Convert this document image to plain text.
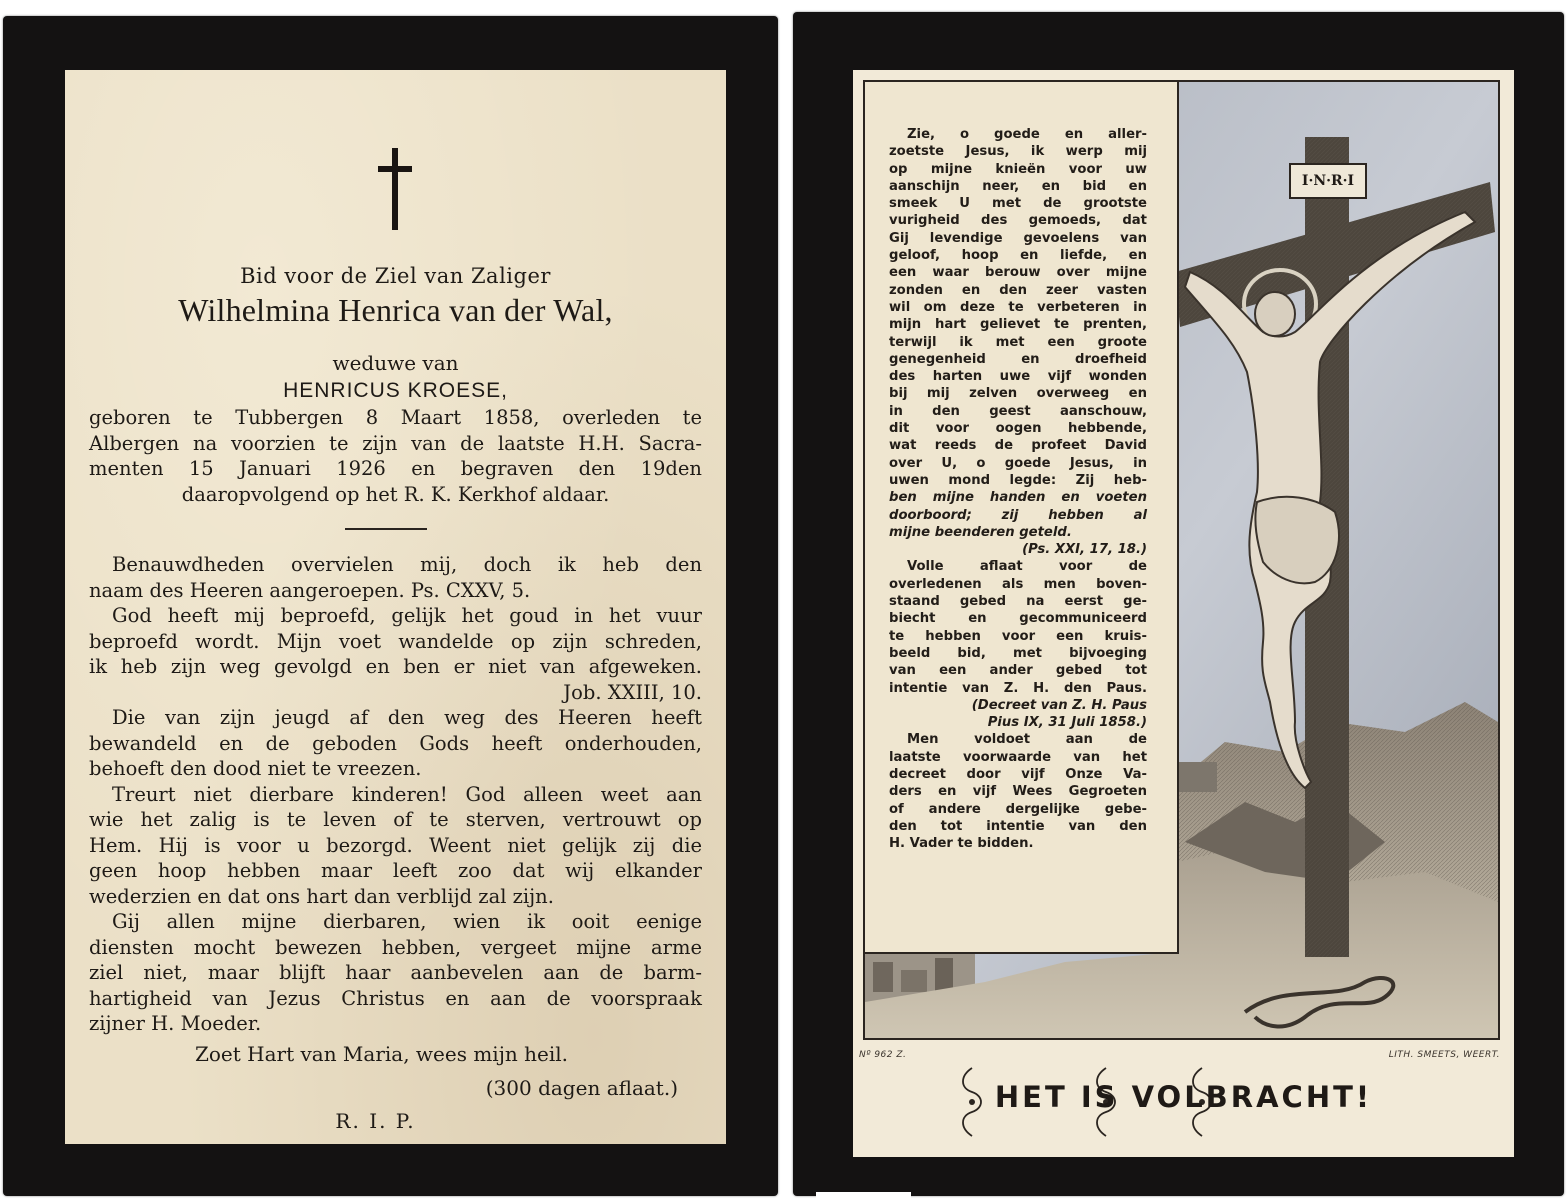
Bid voor de Ziel van Zaliger
Wilhelmina Henrica van der Wal,
weduwe van
HENRICUS KROESE,
geboren te Tubbergen 8 Maart 1858, overleden te
Albergen na voorzien te zijn van de laatste H.H. Sacra-
menten 15 Januari 1926 en begraven den 19den
daaropvolgend op het R. K. Kerkhof aldaar.
Benauwdheden overvielen mij, doch ik heb den
naam des Heeren aangeroepen. Ps. CXXV, 5.
God heeft mij beproefd, gelijk het goud in het vuur
beproefd wordt. Mijn voet wandelde op zijn schreden,
ik heb zijn weg gevolgd en ben er niet van afgeweken.
Job. XXIII, 10.
Die van zijn jeugd af den weg des Heeren heeft
bewandeld en de geboden Gods heeft onderhouden,
behoeft den dood niet te vreezen.
Treurt niet dierbare kinderen! God alleen weet aan
wie het zalig is te leven of te sterven, vertrouwt op
Hem. Hij is voor u bezorgd. Weent niet gelijk zij die
geen hoop hebben maar leeft zoo dat wij elkander
wederzien en dat ons hart dan verblijd zal zijn.
Gij allen mijne dierbaren, wien ik ooit eenige
diensten mocht bewezen hebben, vergeet mijne arme
ziel niet, maar blijft haar aanbevelen aan de barm-
hartigheid van Jezus Christus en aan de voorspraak
zijner H. Moeder.
Zoet Hart van Maria, wees mijn heil.
(300 dagen aflaat.)
R. I. P.
I·N·R·I
Zie, o goede en aller-
zoetste Jesus, ik werp mij
op mijne knieën voor uw
aanschijn neer, en bid en
smeek U met de grootste
vurigheid des gemoeds, dat
Gij levendige gevoelens van
geloof, hoop en liefde, en
een waar berouw over mijne
zonden en den zeer vasten
wil om deze te verbeteren in
mijn hart gelievet te prenten,
terwijl ik met een groote
genegenheid en droefheid
des harten uwe vijf wonden
bij mij zelven overweeg en
in den geest aanschouw,
dit voor oogen hebbende,
wat reeds de profeet David
over U, o goede Jesus, in
uwen mond legde: Zij heb-
ben mijne handen en voeten
doorboord; zij hebben al
mijne beenderen geteld.
(Ps. XXI, 17, 18.)
Volle aflaat voor de
overledenen als men boven-
staand gebed na eerst ge-
biecht en gecommuniceerd
te hebben voor een kruis-
beeld bid, met bijvoeging
van een ander gebed tot
intentie van Z. H. den Paus.
(Decreet van Z. H. Paus
Pius IX, 31 Juli 1858.)
Men voldoet aan de
laatste voorwaarde van het
decreet door vijf Onze Va-
ders en vijf Wees Gegroeten
of andere dergelijke gebe-
den tot intentie van den
H. Vader te bidden.
Nº 962 Z.	LITH. SMEETS, WEERT.
HET IS VOLBRACHT!
